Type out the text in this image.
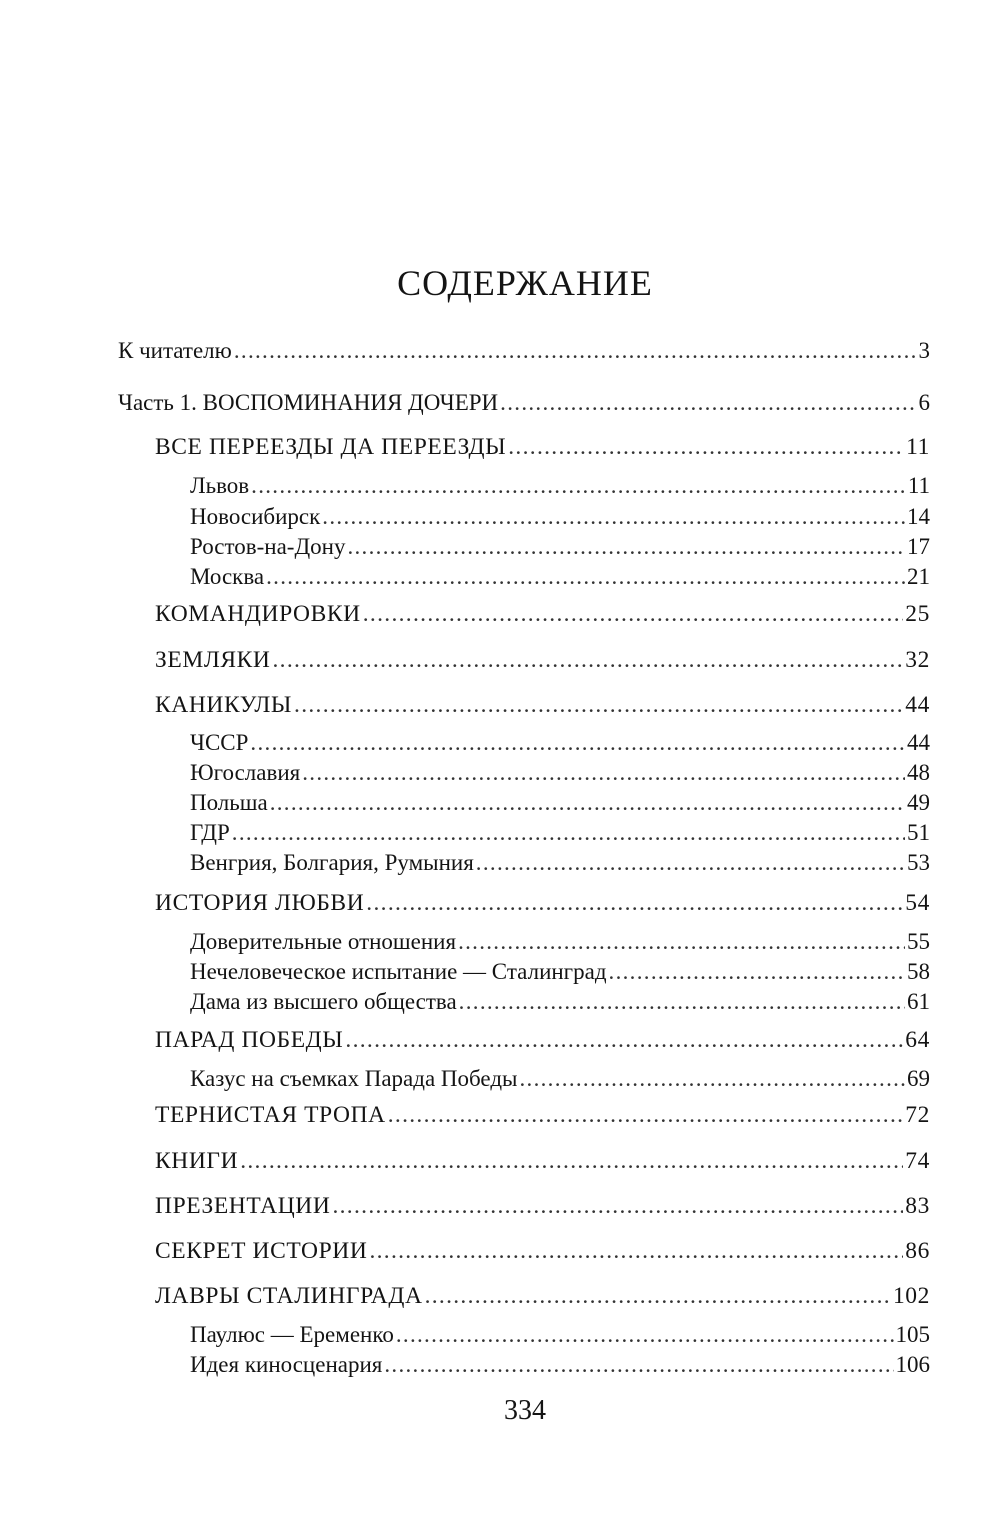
СОДЕРЖАНИЕ
К читателю .....	3
Часть 1. ВОСПОМИНАНИЯ ДОЧЕРИ .....	6
ВСЕ ПЕРЕЕЗДЫ ДА ПЕРЕЕЗДЫ .....	11
Львов .....	11
Новосибирск .....	14
Ростов-на-Дону .....	17
Москва .....	21
КОМАНДИРОВКИ .....	25
ЗЕМЛЯКИ .....	32
КАНИКУЛЫ .....	44
ЧССР .....	44
Югославия .....	48
Польша .....	49
ГДР .....	51
Венгрия, Болгария, Румыния .....	53
ИСТОРИЯ ЛЮБВИ .....	54
Доверительные отношения .....	55
Нечеловеческое испытание — Сталинград .....	58
Дама из высшего общества .....	61
ПАРАД ПОБЕДЫ .....	64
Казус на съемках Парада Победы .....	69
ТЕРНИСТАЯ ТРОПА .....	72
КНИГИ .....	74
ПРЕЗЕНТАЦИИ .....	83
СЕКРЕТ ИСТОРИИ .....	86
ЛАВРЫ СТАЛИНГРАДА .....	102
Паулюс — Еременко .....	105
Идея киносценария .....	106
334
